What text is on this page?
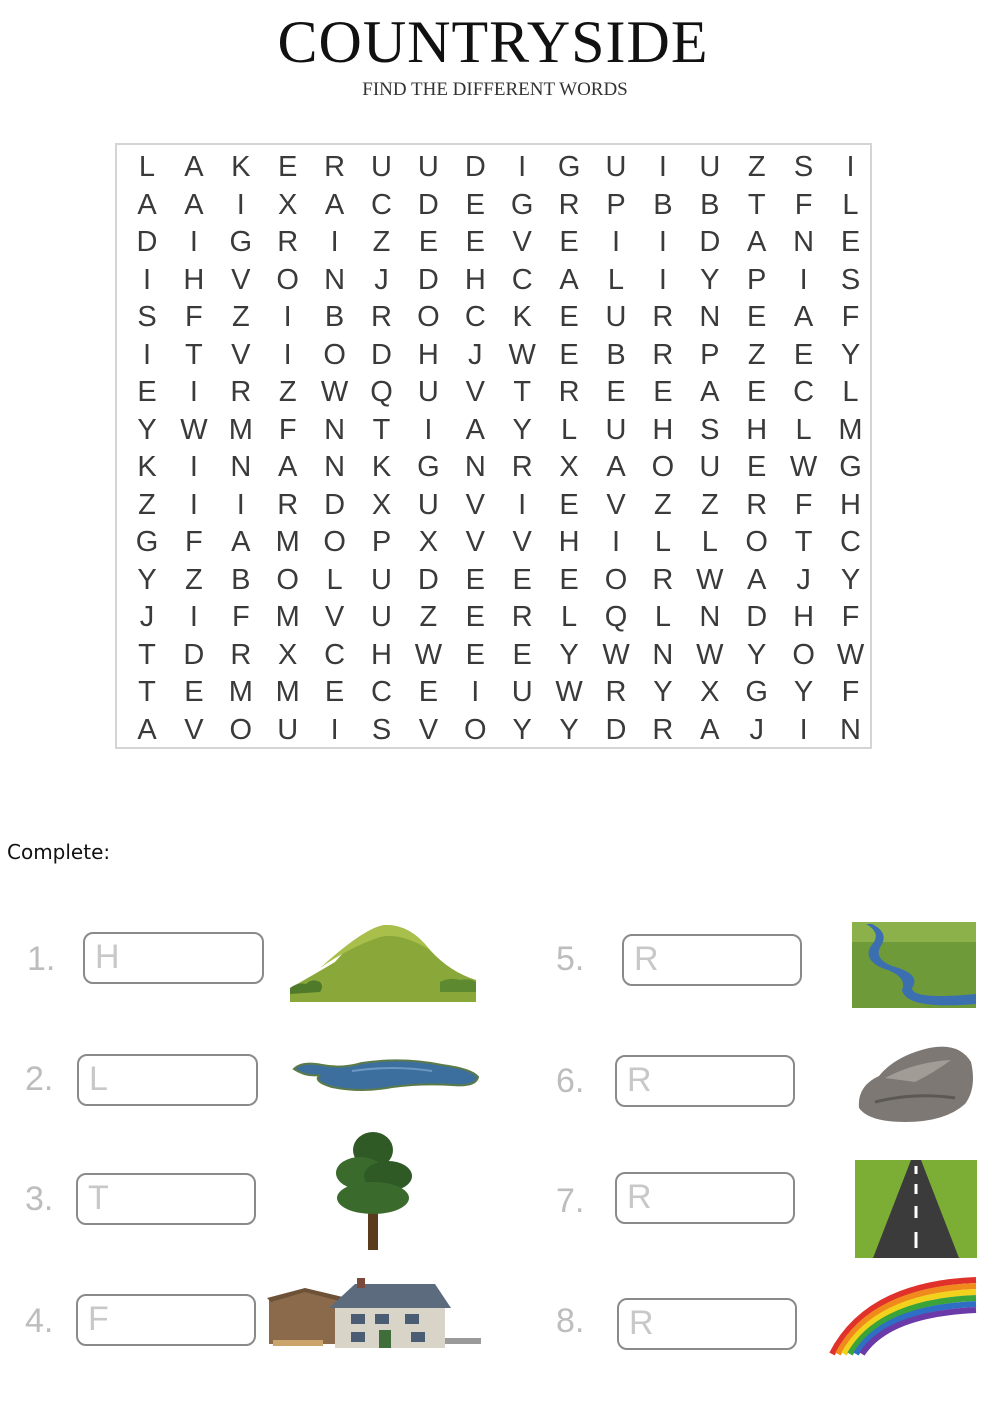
COUNTRYSIDE
FIND THE DIFFERENT WORDS
L	A K E R U U D	I	G U	I	U Z S	I
A A	I	X A C D E G R P B B T	F	L
D	I	G R	I	Z E E V E	I	I	D A N E
I	H V O N	J	D H C A	L	I	Y P	I	S
S F	Z	I	B R O C K E U R N E A F
I	T V	I	O D H	J W E B R P Z E Y
E	I	R Z W Q U V T R E E A E C L
Y W M F N T	I	A Y	L U H S H L M
K	I	N A N K G N R X A O U E W G
Z	I	I	R D X U V	I	E V Z	Z R F H
G F A M O P X V V H	I	L	L O T C
Y Z B O L U D E E E O R W A	J	Y
J	I	F M V U Z E R L Q L N D H F
T D R X C H W E E Y W N W Y O W
T E M M E C E	I	U W R Y X G Y F
A V O U	I	S V O Y Y D R A	J	I	N
Complete:
1. H
2. L
3. T
4. F
5. R
6. R
7. R
8. R
